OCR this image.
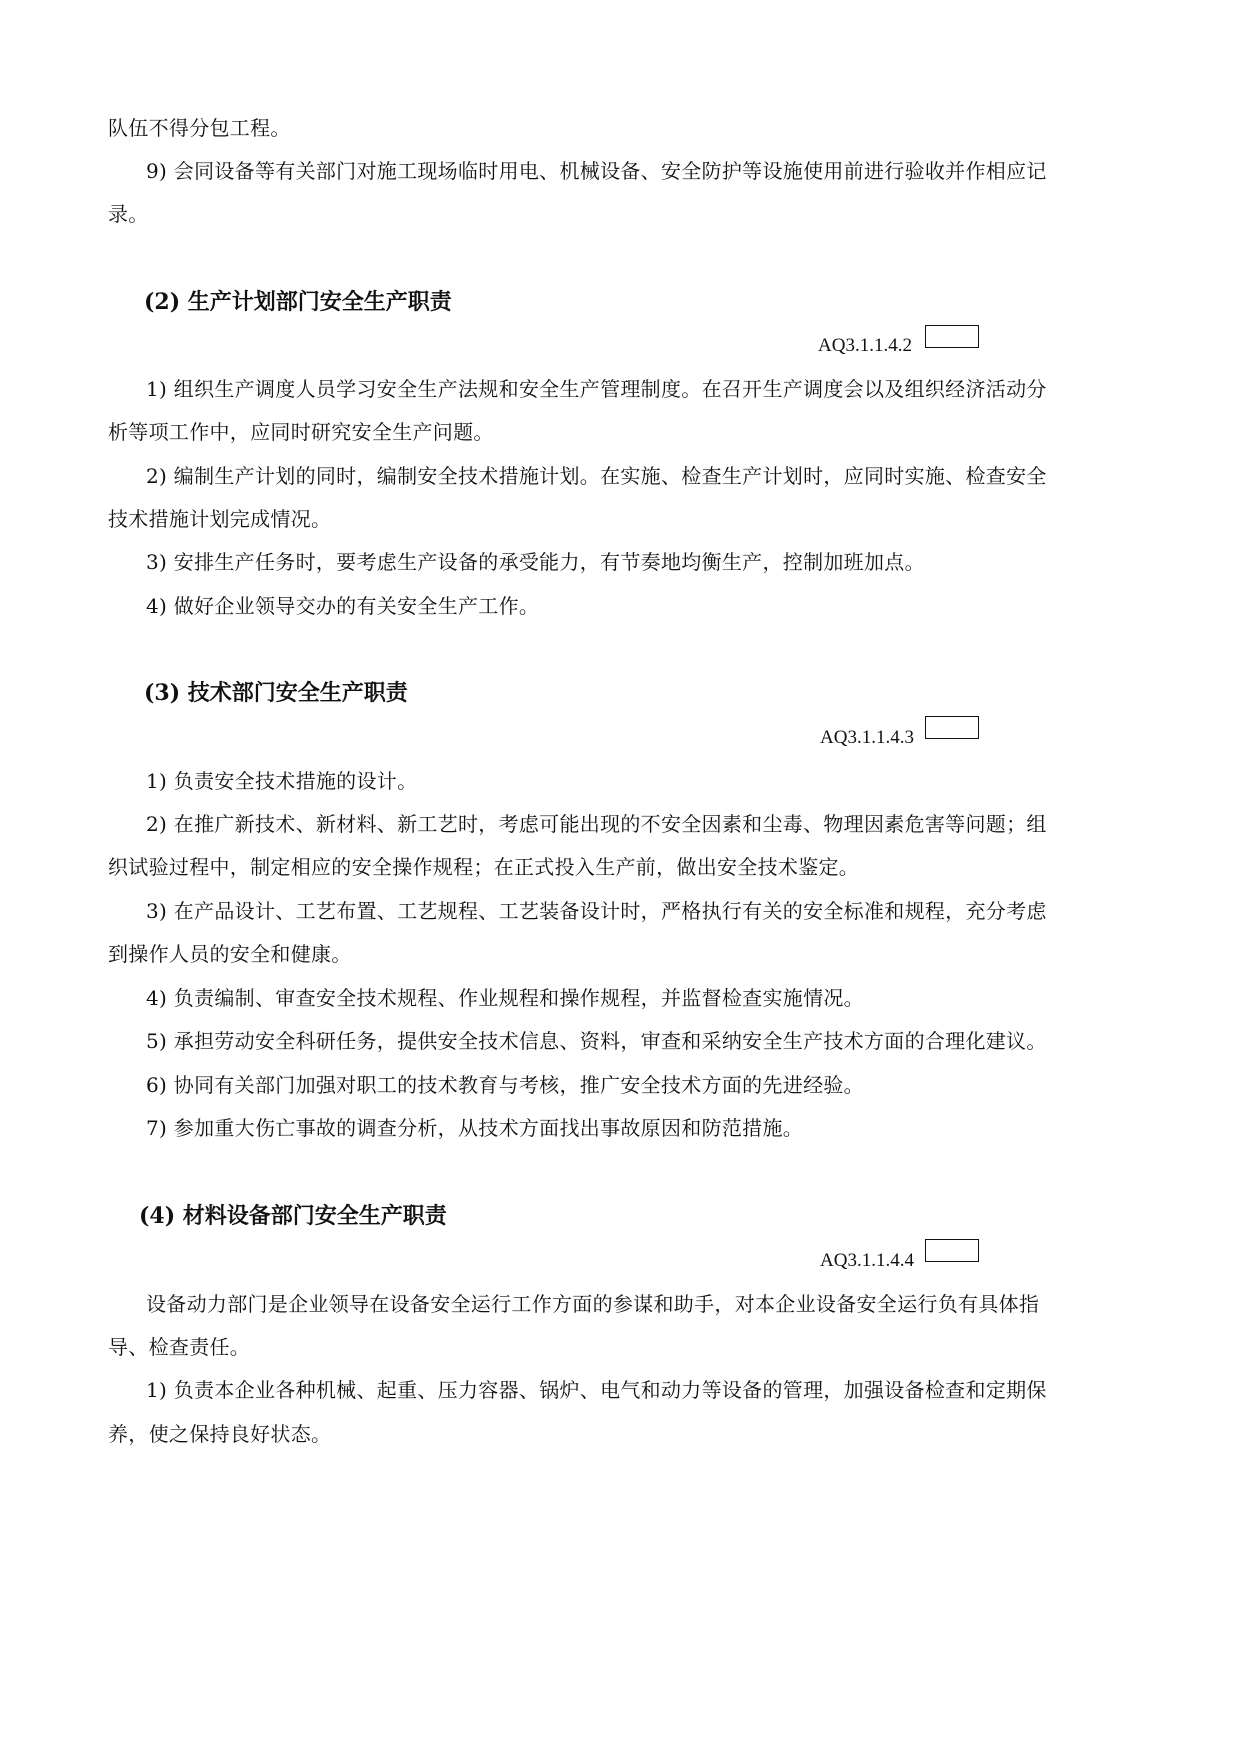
队伍不得分包工程。
9) 会同设备等有关部门对施工现场临时用电、机械设备、安全防护等设施使用前进行验收并作相应记
录。
(2) 生产计划部门安全生产职责
AQ3.1.1.4.2
1) 组织生产调度人员学习安全生产法规和安全生产管理制度。在召开生产调度会以及组织经济活动分
析等项工作中，应同时研究安全生产问题。
2) 编制生产计划的同时，编制安全技术措施计划。在实施、检查生产计划时，应同时实施、检查安全
技术措施计划完成情况。
3) 安排生产任务时，要考虑生产设备的承受能力，有节奏地均衡生产，控制加班加点。
4) 做好企业领导交办的有关安全生产工作。
(3) 技术部门安全生产职责
AQ3.1.1.4.3
1) 负责安全技术措施的设计。
2) 在推广新技术、新材料、新工艺时，考虑可能出现的不安全因素和尘毒、物理因素危害等问题；组
织试验过程中，制定相应的安全操作规程；在正式投入生产前，做出安全技术鉴定。
3) 在产品设计、工艺布置、工艺规程、工艺装备设计时，严格执行有关的安全标准和规程，充分考虑
到操作人员的安全和健康。
4) 负责编制、审查安全技术规程、作业规程和操作规程，并监督检查实施情况。
5) 承担劳动安全科研任务，提供安全技术信息、资料，审查和采纳安全生产技术方面的合理化建议。
6) 协同有关部门加强对职工的技术教育与考核，推广安全技术方面的先进经验。
7) 参加重大伤亡事故的调查分析，从技术方面找出事故原因和防范措施。
(4) 材料设备部门安全生产职责
AQ3.1.1.4.4
设备动力部门是企业领导在设备安全运行工作方面的参谋和助手，对本企业设备安全运行负有具体指
导、检查责任。
1) 负责本企业各种机械、起重、压力容器、锅炉、电气和动力等设备的管理，加强设备检查和定期保
养，使之保持良好状态。
